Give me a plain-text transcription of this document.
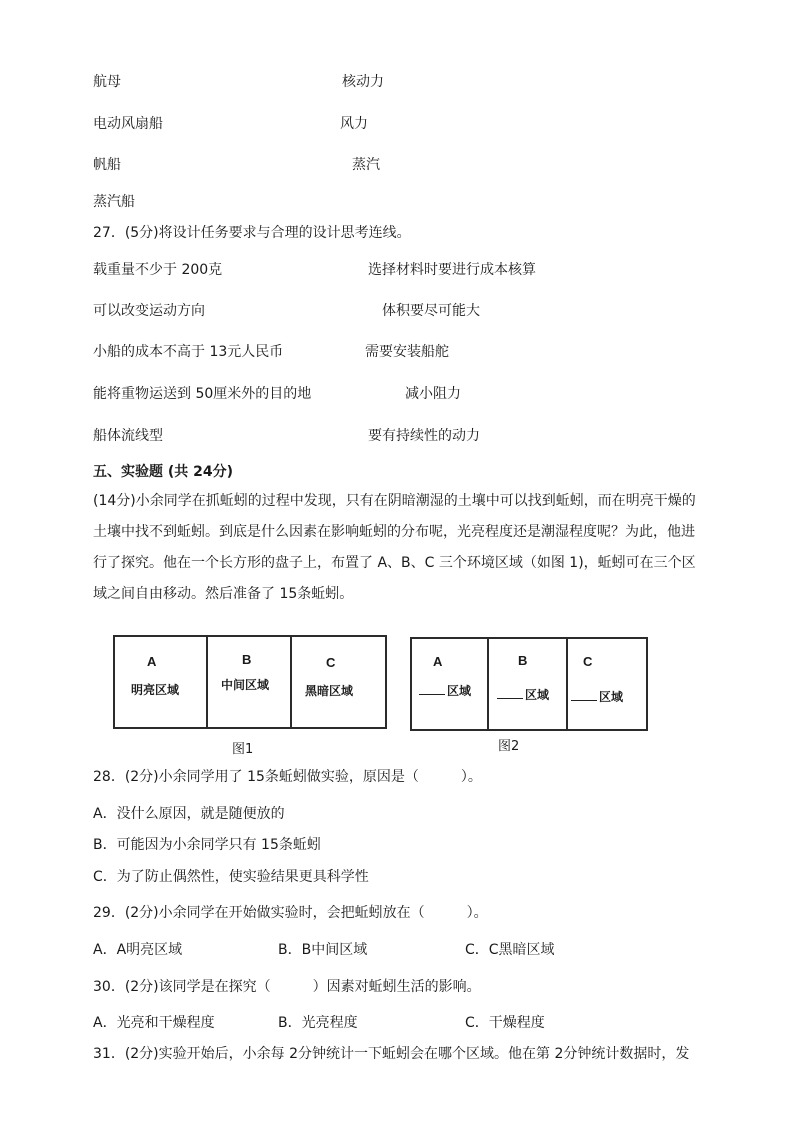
航母	核动力
电动风扇船	风力
帆船	蒸汽
蒸汽船
27．(5分)将设计任务要求与合理的设计思考连线。
载重量不少于 200克	选择材料时要进行成本核算
可以改变运动方向	体积要尽可能大
小船的成本不高于 13元人民币	需要安装船舵
能将重物运送到 50厘米外的目的地	减小阻力
船体流线型	要有持续性的动力
五、实验题 (共 24分)
(14分)小余同学在抓蚯蚓的过程中发现，只有在阴暗潮湿的土壤中可以找到蚯蚓，而在明亮干燥的土壤中找不到蚯蚓。到底是什么因素在影响蚯蚓的分布呢，光亮程度还是潮湿程度呢？为此，他进行了探究。他在一个长方形的盘子上，布置了 A、B、C 三个环境区域（如图 1)，蚯蚓可在三个区域之间自由移动。然后准备了 15条蚯蚓。
A
明亮区域
B
中间区域
C
黑暗区域
图1
A
区域
B
区域
C
区域
图2
28．(2分)小余同学用了 15条蚯蚓做实验，原因是（　　　）。
A．没什么原因，就是随便放的
B．可能因为小余同学只有 15条蚯蚓
C．为了防止偶然性，使实验结果更具科学性
29．(2分)小余同学在开始做实验时，会把蚯蚓放在（　　　）。
A．A明亮区域	B．B中间区域	C．C黑暗区域
30．(2分)该同学是在探究（　　　）因素对蚯蚓生活的影响。
A．光亮和干燥程度	B．光亮程度	C．干燥程度
31．(2分)实验开始后，小余每 2分钟统计一下蚯蚓会在哪个区域。他在第 2分钟统计数据时，发
